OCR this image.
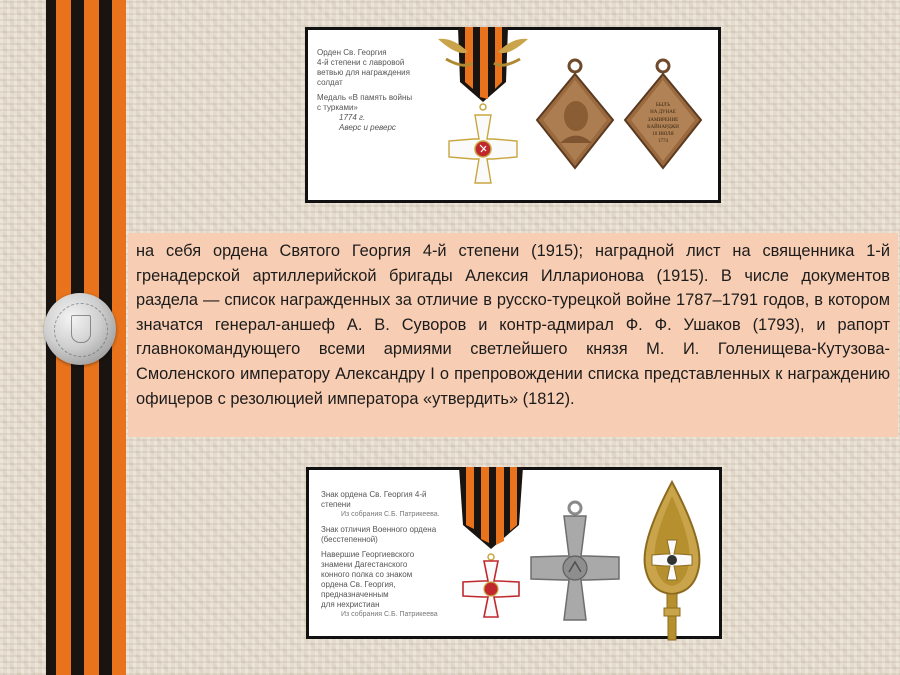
Орден Св. Георгия
4-й степени с лавровой
ветвью для награждения
солдат
Медаль «В память войны
с турками»
1774 г.
Аверс и реверс
БЫЛЪ
НА ДУНАЕ
ЗАМИРЕНИЕ
КАЙНАРДЖИ
10 ИЮЛЯ
1774

на себя ордена Святого Георгия 4-й степени (1915); наградной лист на священника 1-й гренадерской артиллерийской бригады Алексия Илларионова (1915). В числе документов раздела — список награжденных за отличие в русско-турецкой войне 1787–1791 годов, в котором значатся генерал-аншеф А. В. Суворов и контр-адмирал Ф. Ф. Ушаков (1793), и рапорт главнокомандующего всеми армиями светлейшего князя М. И. Голенищева-Кутузова-Смоленского императору Александру I о препровождении списка представленных к награждению офицеров с резолюцией императора «утвердить» (1812).

Знак ордена Св. Георгия 4-й
степени
Из собрания С.Б. Патрикеева.
Знак отличия Военного ордена
(бесстепенной)
Навершие Георгиевского
знамени Дагестанского
конного полка со знаком
ордена Св. Георгия,
предназначенным
для нехристиан
Из собрания С.Б. Патрикеева
